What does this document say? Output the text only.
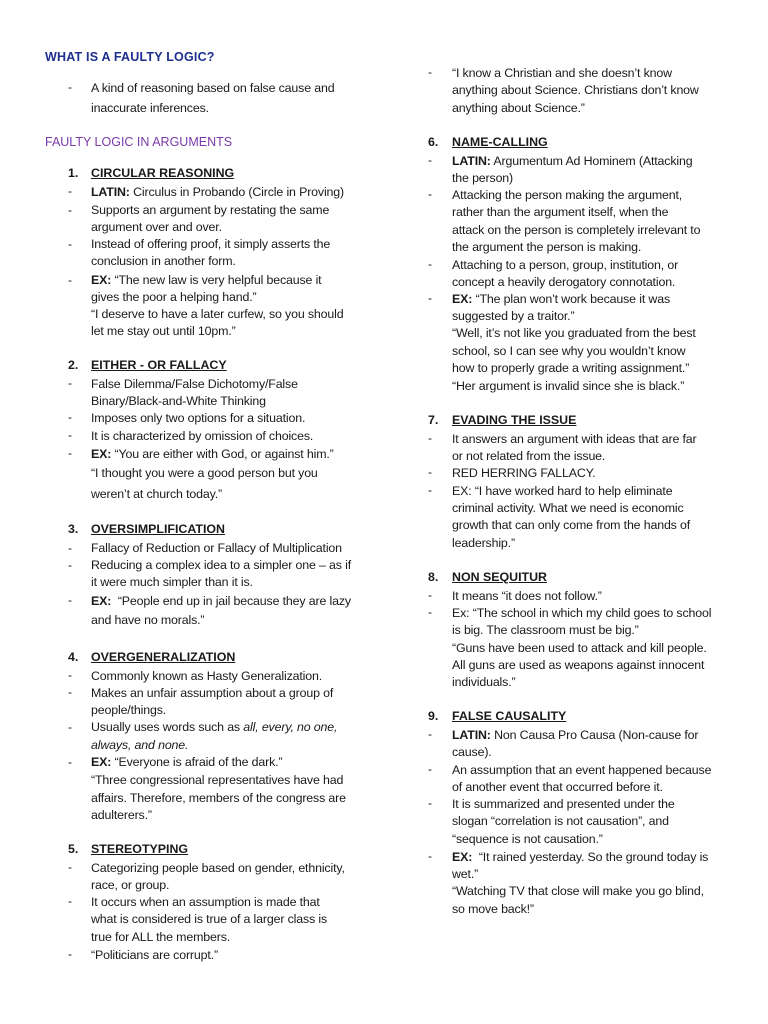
WHAT IS A FAULTY LOGIC?
- A kind of reasoning based on false cause and
inaccurate inferences.
FAULTY LOGIC IN ARGUMENTS
1. CIRCULAR REASONING
- LATIN: Circulus in Probando (Circle in Proving)
- Supports an argument by restating the same
argument over and over.
- Instead of offering proof, it simply asserts the
conclusion in another form.
- EX: “The new law is very helpful because it
gives the poor a helping hand.”
“I deserve to have a later curfew, so you should
let me stay out until 10pm.”
2. EITHER - OR FALLACY
- False Dilemma/False Dichotomy/False
Binary/Black-and-White Thinking
- Imposes only two options for a situation.
- It is characterized by omission of choices.
- EX: “You are either with God, or against him.”
“I thought you were a good person but you
weren’t at church today.”
3. OVERSIMPLIFICATION
- Fallacy of Reduction or Fallacy of Multiplication
- Reducing a complex idea to a simpler one – as if
it were much simpler than it is.
- EX: “People end up in jail because they are lazy
and have no morals.”
4. OVERGENERALIZATION
- Commonly known as Hasty Generalization.
- Makes an unfair assumption about a group of
people/things.
- Usually uses words such as all, every, no one,
always, and none.
- EX: “Everyone is afraid of the dark.”
“Three congressional representatives have had
affairs. Therefore, members of the congress are
adulterers.”
5. STEREOTYPING
- Categorizing people based on gender, ethnicity,
race, or group.
- It occurs when an assumption is made that
what is considered is true of a larger class is
true for ALL the members.
- “Politicians are corrupt.”
- “I know a Christian and she doesn’t know
anything about Science. Christians don’t know
anything about Science.”
6. NAME-CALLING
- LATIN: Argumentum Ad Hominem (Attacking
the person)
- Attacking the person making the argument,
rather than the argument itself, when the
attack on the person is completely irrelevant to
the argument the person is making.
- Attaching to a person, group, institution, or
concept a heavily derogatory connotation.
- EX: “The plan won’t work because it was
suggested by a traitor.”
“Well, it’s not like you graduated from the best
school, so I can see why you wouldn’t know
how to properly grade a writing assignment.”
“Her argument is invalid since she is black.”
7. EVADING THE ISSUE
- It answers an argument with ideas that are far
or not related from the issue.
- RED HERRING FALLACY.
- EX: “I have worked hard to help eliminate
criminal activity. What we need is economic
growth that can only come from the hands of
leadership.”
8. NON SEQUITUR
- It means “it does not follow.”
- Ex: “The school in which my child goes to school
is big. The classroom must be big.”
“Guns have been used to attack and kill people.
All guns are used as weapons against innocent
individuals.”
9. FALSE CAUSALITY
- LATIN: Non Causa Pro Causa (Non-cause for
cause).
- An assumption that an event happened because
of another event that occurred before it.
- It is summarized and presented under the
slogan “correlation is not causation”, and
“sequence is not causation.”
- EX: “It rained yesterday. So the ground today is
wet.”
“Watching TV that close will make you go blind,
so move back!”
